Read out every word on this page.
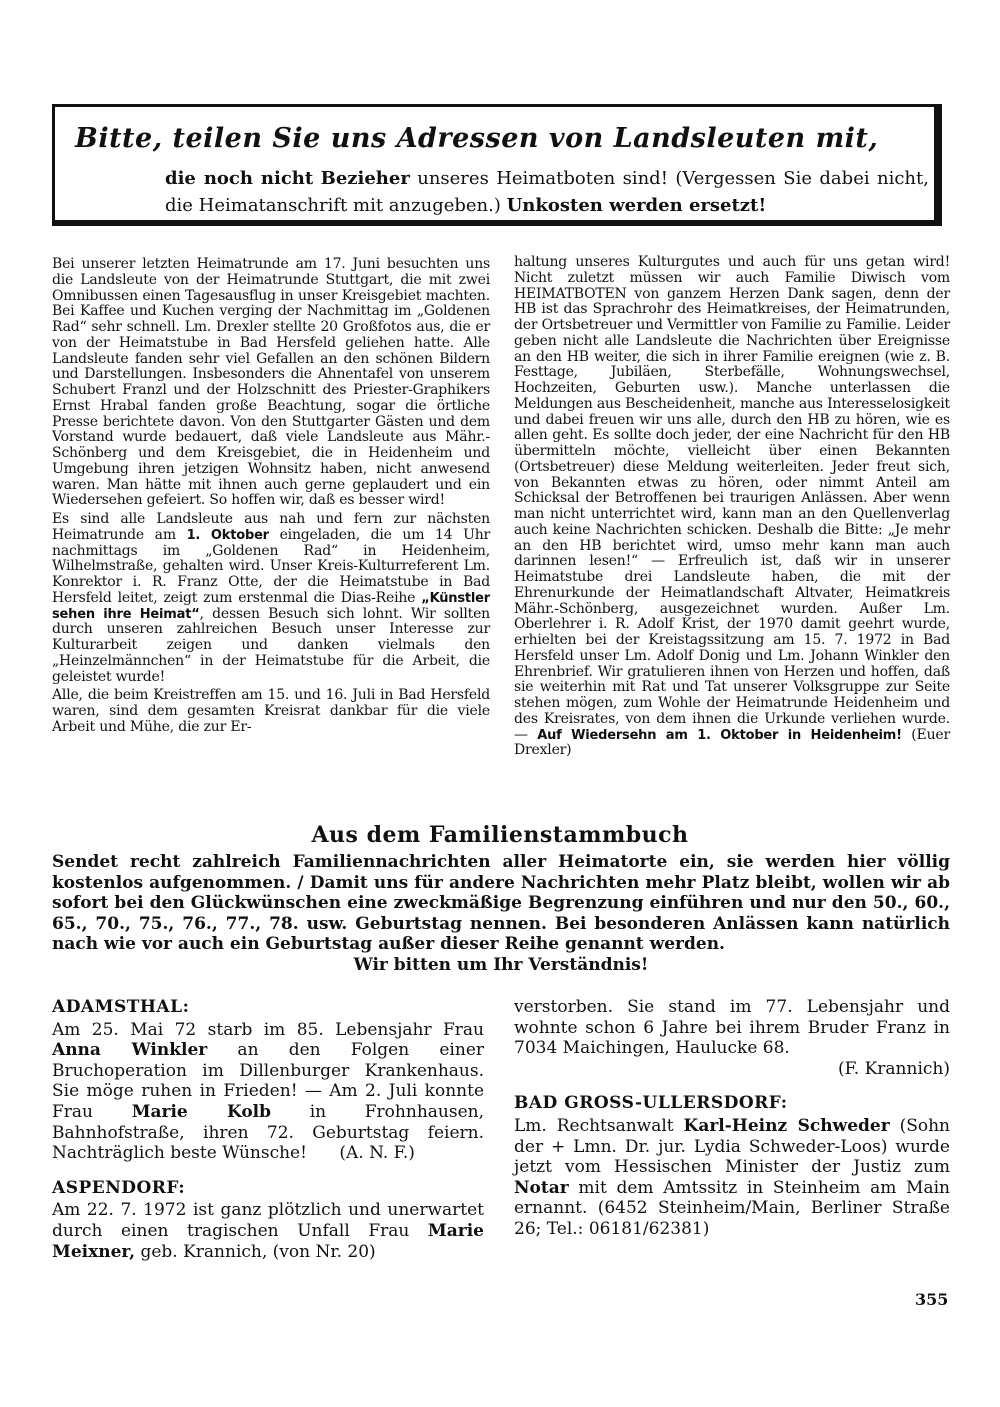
Bitte, teilen Sie uns Adressen von Landsleuten mit,
die noch nicht Bezieher unseres Heimatboten sind! (Vergessen Sie dabei nicht, die Heimatanschrift mit anzugeben.) Unkosten werden ersetzt!

Bei unserer letzten Heimatrunde am 17. Juni besuchten uns die Landsleute von der Heimatrunde Stuttgart, die mit zwei Omnibussen einen Tagesausflug in unser Kreisgebiet machten. Bei Kaffee und Kuchen verging der Nachmittag im „Goldenen Rad“ sehr schnell. Lm. Drexler stellte 20 Großfotos aus, die er von der Heimatstube in Bad Hersfeld geliehen hatte. Alle Landsleute fanden sehr viel Gefallen an den schönen Bildern und Darstellungen. Insbesonders die Ahnentafel von unserem Schubert Franzl und der Holzschnitt des Priester-Graphikers Ernst Hrabal fanden große Beachtung, sogar die örtliche Presse berichtete davon. Von den Stuttgarter Gästen und dem Vorstand wurde bedauert, daß viele Landsleute aus Mähr.-Schönberg und dem Kreisgebiet, die in Heidenheim und Umgebung ihren jetzigen Wohnsitz haben, nicht anwesend waren. Man hätte mit ihnen auch gerne geplaudert und ein Wiedersehen gefeiert. So hoffen wir, daß es besser wird!

Es sind alle Landsleute aus nah und fern zur nächsten Heimatrunde am 1. Oktober eingeladen, die um 14 Uhr nachmittags im „Goldenen Rad“ in Heidenheim, Wilhelmstraße, gehalten wird. Unser Kreis-Kulturreferent Lm. Konrektor i. R. Franz Otte, der die Heimatstube in Bad Hersfeld leitet, zeigt zum erstenmal die Dias-Reihe „Künstler sehen ihre Heimat“, dessen Besuch sich lohnt. Wir sollten durch unseren zahlreichen Besuch unser Interesse zur Kulturarbeit zeigen und danken vielmals den „Heinzelmännchen“ in der Heimatstube für die Arbeit, die geleistet wurde!

Alle, die beim Kreistreffen am 15. und 16. Juli in Bad Hersfeld waren, sind dem gesamten Kreisrat dankbar für die viele Arbeit und Mühe, die zur Er-

haltung unseres Kulturgutes und auch für uns getan wird! Nicht zuletzt müssen wir auch Familie Diwisch vom HEIMATBOTEN von ganzem Herzen Dank sagen, denn der HB ist das Sprachrohr des Heimatkreises, der Heimatrunden, der Ortsbetreuer und Vermittler von Familie zu Familie. Leider geben nicht alle Landsleute die Nachrichten über Ereignisse an den HB weiter, die sich in ihrer Familie ereignen (wie z. B. Festtage, Jubiläen, Sterbefälle, Wohnungswechsel, Hochzeiten, Geburten usw.). Manche unterlassen die Meldungen aus Bescheidenheit, manche aus Interesselosigkeit und dabei freuen wir uns alle, durch den HB zu hören, wie es allen geht. Es sollte doch jeder, der eine Nachricht für den HB übermitteln möchte, vielleicht über einen Bekannten (Ortsbetreuer) diese Meldung weiterleiten. Jeder freut sich, von Bekannten etwas zu hören, oder nimmt Anteil am Schicksal der Betroffenen bei traurigen Anlässen. Aber wenn man nicht unterrichtet wird, kann man an den Quellenverlag auch keine Nachrichten schicken. Deshalb die Bitte: „Je mehr an den HB berichtet wird, umso mehr kann man auch darinnen lesen!“ — Erfreulich ist, daß wir in unserer Heimatstube drei Landsleute haben, die mit der Ehrenurkunde der Heimatlandschaft Altvater, Heimatkreis Mähr.-Schönberg, ausgezeichnet wurden. Außer Lm. Oberlehrer i. R. Adolf Krist, der 1970 damit geehrt wurde, erhielten bei der Kreistagssitzung am 15. 7. 1972 in Bad Hersfeld unser Lm. Adolf Donig und Lm. Johann Winkler den Ehrenbrief. Wir gratulieren ihnen von Herzen und hoffen, daß sie weiterhin mit Rat und Tat unserer Volksgruppe zur Seite stehen mögen, zum Wohle der Heimatrunde Heidenheim und des Kreisrates, von dem ihnen die Urkunde verliehen wurde. — Auf Wiedersehn am 1. Oktober in Heidenheim! (Euer Drexler)

Aus dem Familienstammbuch
Sendet recht zahlreich Familiennachrichten aller Heimatorte ein, sie werden hier völlig kostenlos aufgenommen. / Damit uns für andere Nachrichten mehr Platz bleibt, wollen wir ab sofort bei den Glückwünschen eine zweckmäßige Begrenzung einführen und nur den 50., 60., 65., 70., 75., 76., 77., 78. usw. Geburtstag nennen. Bei besonderen Anlässen kann natürlich nach wie vor auch ein Geburtstag außer dieser Reihe genannt werden.
Wir bitten um Ihr Verständnis!
ADAMSTHAL:
Am 25. Mai 72 starb im 85. Lebensjahr Frau Anna Winkler an den Folgen einer Bruchoperation im Dillenburger Krankenhaus. Sie möge ruhen in Frieden! — Am 2. Juli konnte Frau Marie Kolb in Frohnhausen, Bahnhofstraße, ihren 72. Geburtstag feiern. Nachträglich beste Wünsche! (A. N. F.)
ASPENDORF:
Am 22. 7. 1972 ist ganz plötzlich und unerwartet durch einen tragischen Unfall Frau Marie Meixner, geb. Krannich, (von Nr. 20)
verstorben. Sie stand im 77. Lebensjahr und wohnte schon 6 Jahre bei ihrem Bruder Franz in 7034 Maichingen, Haulucke 68.
(F. Krannich)
BAD GROSS-ULLERSDORF:
Lm. Rechtsanwalt Karl-Heinz Schweder (Sohn der + Lmn. Dr. jur. Lydia Schweder-Loos) wurde jetzt vom Hessischen Minister der Justiz zum Notar mit dem Amtssitz in Steinheim am Main ernannt. (6452 Steinheim/Main, Berliner Straße 26; Tel.: 06181/62381)
355
